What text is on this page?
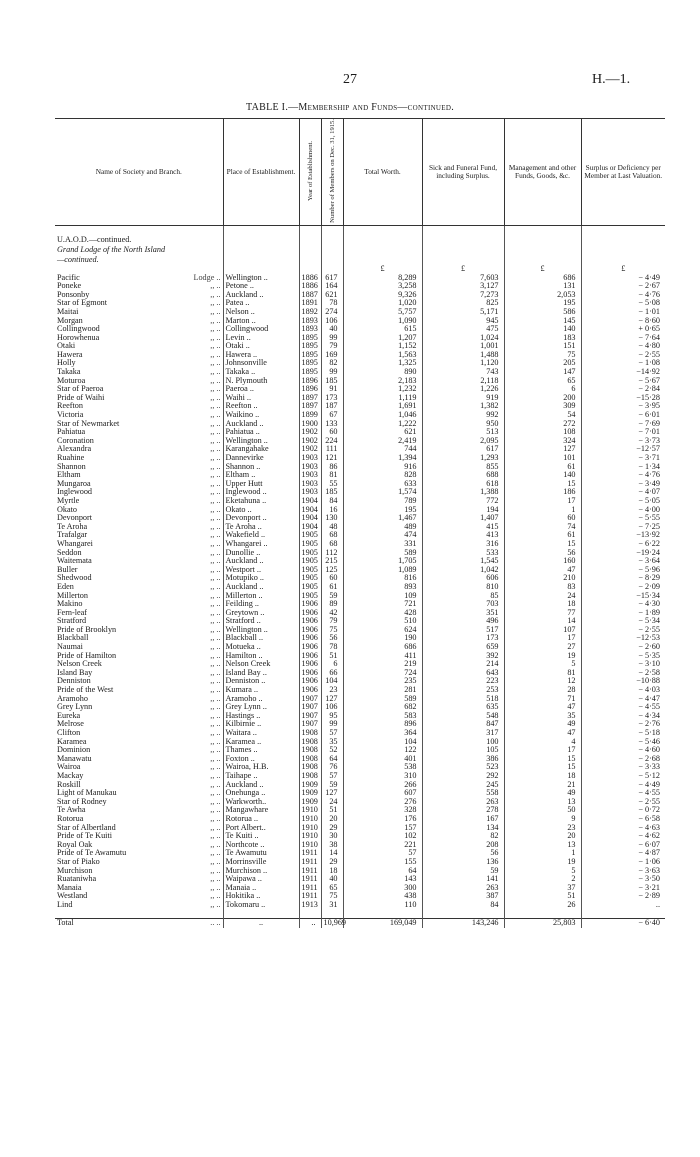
27	H.—1.
TABLE I.—Membership and Funds—continued.
Name of Society and Branch.	Place of Establishment.	Year of Establishment.	Number of Members on Dec. 31, 1915.	Total Worth.	Sick and Funeral Fund, including Surplus.	Management and other Funds, Goods, &c.	Surplus or Deficiency per Member at Last Valuation.

U.A.O.D.—continued.							
Grand Lodge of the North Island							
—continued.							
				£	£	£	£
Pacific Lodge ..	Wellington ..	1886	617	8,289	7,603	686	− 4·49
Poneke ,, ..	Petone ..	1886	164	3,258	3,127	131	− 2·67
Ponsonby ,, ..	Auckland ..	1887	621	9,326	7,273	2,053	− 4·76
Star of Egmont ,, ..	Patea ..	1891	78	1,020	825	195	− 5·08
Maitai ,, ..	Nelson ..	1892	274	5,757	5,171	586	− 1·01
Morgan ,, ..	Marton ..	1893	106	1,090	945	145	− 8·60
Collingwood ,, ..	Collingwood	1893	40	615	475	140	+ 0·65
Horowhenua ,, ..	Levin ..	1895	99	1,207	1,024	183	− 7·64
Otaki ,, ..	Otaki ..	1895	79	1,152	1,001	151	− 4·80
Hawera ,, ..	Hawera ..	1895	169	1,563	1,488	75	− 2·55
Holly ,, ..	Johnsonville	1895	82	1,325	1,120	205	− 1·08
Takaka ,, ..	Takaka ..	1895	99	890	743	147	−14·92
Moturoa ,, ..	N. Plymouth	1896	185	2,183	2,118	65	− 5·67
Star of Paeroa ,, ..	Paeroa ..	1896	91	1,232	1,226	6	− 2·84
Pride of Waihi ,, ..	Waihi ..	1897	173	1,119	919	200	−15·28
Reefton ,, ..	Reefton ..	1897	187	1,691	1,382	309	− 3·95
Victoria ,, ..	Waikino ..	1899	67	1,046	992	54	− 6·01
Star of Newmarket ,, ..	Auckland ..	1900	133	1,222	950	272	− 7·69
Pahiatua ,, ..	Pahiatua ..	1902	60	621	513	108	− 7·01
Coronation ,, ..	Wellington ..	1902	224	2,419	2,095	324	− 3·73
Alexandra ,, ..	Karangahake	1902	111	744	617	127	−12·57
Ruahine ,, ..	Dannevirke	1903	121	1,394	1,293	101	− 3·71
Shannon ,, ..	Shannon ..	1903	86	916	855	61	− 1·34
Eltham ,, ..	Eltham ..	1903	81	828	688	140	− 4·76
Mungaroa ,, ..	Upper Hutt	1903	55	633	618	15	− 3·49
Inglewood ,, ..	Inglewood ..	1903	185	1,574	1,388	186	− 4·07
Myrtle ,, ..	Eketahuna ..	1904	84	789	772	17	− 5·05
Okato ,, ..	Okato ..	1904	16	195	194	1	− 4·00
Devonport ,, ..	Devonport ..	1904	130	1,467	1,407	60	− 5·55
Te Aroha ,, ..	Te Aroha ..	1904	48	489	415	74	− 7·25
Trafalgar ,, ..	Wakefield ..	1905	68	474	413	61	−13·92
Whangarei ,, ..	Whangarei ..	1905	68	331	316	15	− 6·22
Seddon ,, ..	Dunollie ..	1905	112	589	533	56	−19·24
Waitemata ,, ..	Auckland ..	1905	215	1,705	1,545	160	− 3·64
Buller ,, ..	Westport ..	1905	125	1,089	1,042	47	− 5·96
Shedwood ,, ..	Motupiko ..	1905	60	816	606	210	− 8·29
Eden ,, ..	Auckland ..	1905	61	893	810	83	− 2·09
Millerton ,, ..	Millerton ..	1905	59	109	85	24	−15·34
Makino ,, ..	Feilding ..	1906	89	721	703	18	− 4·30
Fern-leaf ,, ..	Greytown ..	1906	42	428	351	77	− 1·89
Stratford ,, ..	Stratford ..	1906	79	510	496	14	− 5·34
Pride of Brooklyn ,, ..	Wellington ..	1906	75	624	517	107	− 2·55
Blackball ,, ..	Blackball ..	1906	56	190	173	17	−12·53
Naumai ,, ..	Motueka ..	1906	78	686	659	27	− 2·60
Pride of Hamilton ,, ..	Hamilton ..	1906	51	411	392	19	− 5·35
Nelson Creek ,, ..	Nelson Creek	1906	6	219	214	5	− 3·10
Island Bay ,, ..	Island Bay ..	1906	66	724	643	81	− 2·58
Denniston ,, ..	Denniston ..	1906	104	235	223	12	−10·88
Pride of the West ,, ..	Kumara ..	1906	23	281	253	28	− 4·03
Aramoho ,, ..	Aramoho ..	1907	127	589	518	71	− 4·47
Grey Lynn ,, ..	Grey Lynn ..	1907	106	682	635	47	− 4·55
Eureka ,, ..	Hastings ..	1907	95	583	548	35	− 4·34
Melrose ,, ..	Kilbirnie ..	1907	99	896	847	49	− 2·76
Clifton ,, ..	Waitara ..	1908	57	364	317	47	− 5·18
Karamea ,, ..	Karamea ..	1908	35	104	100	4	− 5·46
Dominion ,, ..	Thames ..	1908	52	122	105	17	− 4·60
Manawatu ,, ..	Foxton ..	1908	64	401	386	15	− 2·68
Wairoa ,, ..	Wairoa, H.B.	1908	76	538	523	15	− 3·33
Mackay ,, ..	Taihape ..	1908	57	310	292	18	− 5·12
Roskill ,, ..	Auckland ..	1909	59	266	245	21	− 4·49
Light of Manukau ,, ..	Onehunga ..	1909	127	607	558	49	− 4·55
Star of Rodney ,, ..	Warkworth..	1909	24	276	263	13	− 2·55
Te Awha ,, ..	Mangawhare	1910	51	328	278	50	− 0·72
Rotorua ,, ..	Rotorua ..	1910	20	176	167	9	− 6·58
Star of Albertland ,, ..	Port Albert..	1910	29	157	134	23	− 4·63
Pride of Te Kuiti ,, ..	Te Kuiti ..	1910	30	102	82	20	− 4·62
Royal Oak ,, ..	Northcote ..	1910	38	221	208	13	− 6·07
Pride of Te Awamutu ,, ..	Te Awamutu	1911	14	57	56	1	− 4·87
Star of Piako ,, ..	Morrinsville	1911	29	155	136	19	− 1·06
Murchison ,, ..	Murchison ..	1911	18	64	59	5	− 3·63
Ruataniwha ,, ..	Waipawa ..	1911	40	143	141	2	− 3·50
Manaia ,, ..	Manaia ..	1911	65	300	263	37	− 3·21
Westland ,, ..	Hokitika ..	1911	75	438	387	51	− 2·89
Lind ,, ..	Tokomaru ..	1913	31	110	84	26	..

Total .. ..	..	..	10,969	169,049	143,246	25,803	− 6·40
